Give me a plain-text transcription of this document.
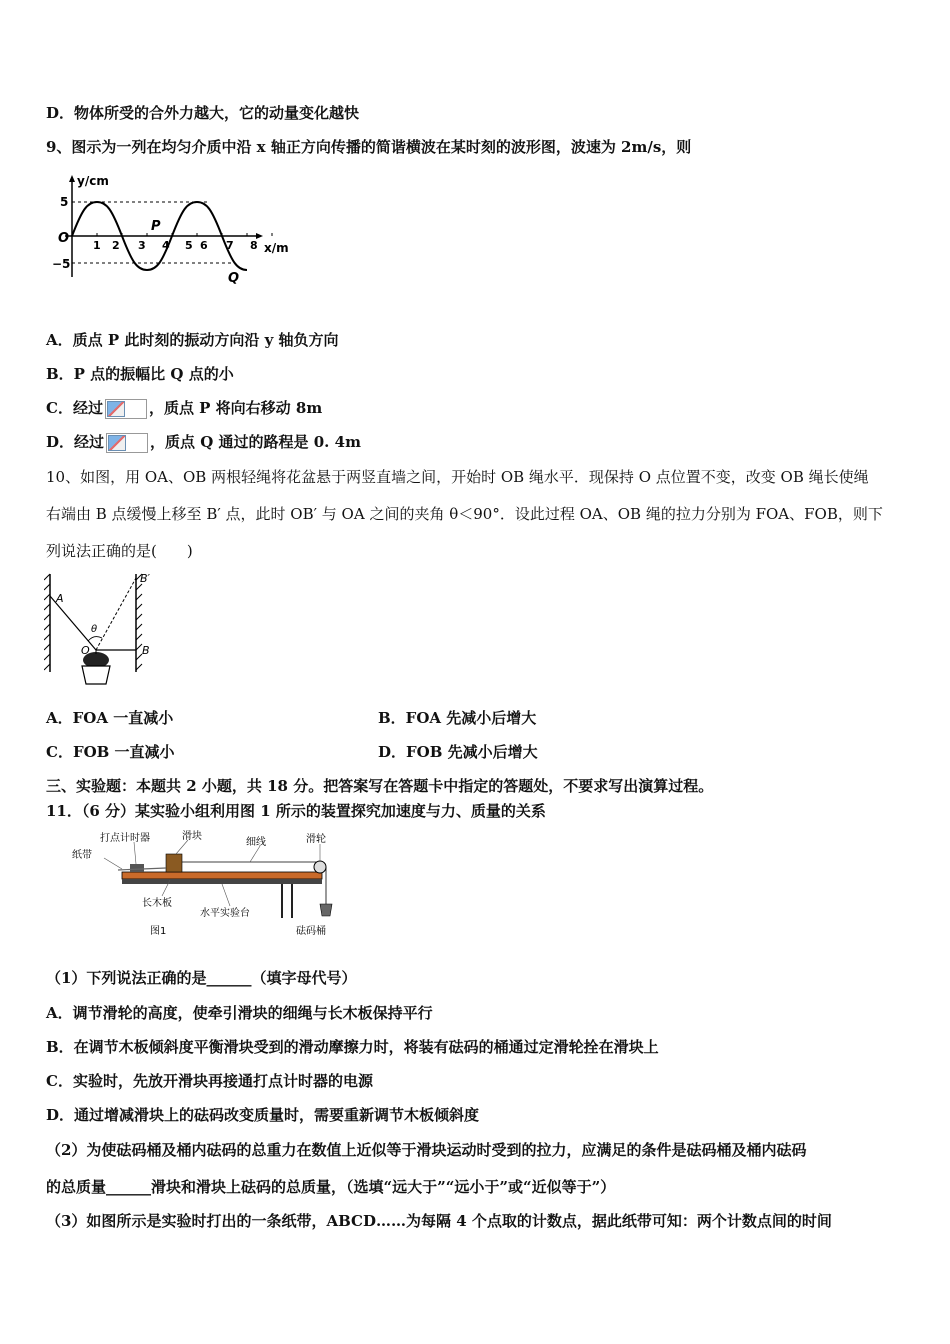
D．物体所受的合外力越大，它的动量变化越快
9、图示为一列在均匀介质中沿 x 轴正方向传播的简谐横波在某时刻的波形图，波速为 2m/s，则
y/cm
x/m
O
5
−5
1 2 3 4 5 6 7 8
P
Q
A．质点 P 此时刻的振动方向沿 y 轴负方向
B．P 点的振幅比 Q 点的小
C．经过	，质点 P 将向右移动 8m
D．经过	，质点 Q 通过的路程是 0. 4m
10、如图，用 OA、OB 两根轻绳将花盆悬于两竖直墙之间，开始时 OB 绳水平．现保持 O 点位置不变，改变 OB 绳长使绳
右端由 B 点缓慢上移至 B′ 点，此时 OB′ 与 OA 之间的夹角 θ＜90°．设此过程 OA、OB 绳的拉力分别为 FOA、FOB，则下
列说法正确的是(　　)
A
B
B′
O
θ
A．FOA 一直减小	B．FOA 先减小后增大
C．FOB 一直减小	D．FOB 先减小后增大
三、实验题：本题共 2 小题，共 18 分。把答案写在答题卡中指定的答题处，不要求写出演算过程。
11．（6 分）某实验小组利用图 1 所示的装置探究加速度与力、质量的关系
打点计时器	滑块
细线	滑轮
纸带
长木板
水平实验台
砝码桶
图1
（1）下列说法正确的是______（填字母代号）
A．调节滑轮的高度，使牵引滑块的细绳与长木板保持平行
B．在调节木板倾斜度平衡滑块受到的滑动摩擦力时，将装有砝码的桶通过定滑轮拴在滑块上
C．实验时，先放开滑块再接通打点计时器的电源
D．通过增减滑块上的砝码改变质量时，需要重新调节木板倾斜度
（2）为使砝码桶及桶内砝码的总重力在数值上近似等于滑块运动时受到的拉力，应满足的条件是砝码桶及桶内砝码
的总质量______滑块和滑块上砝码的总质量，（选填“远大于”“远小于”或“近似等于”）
（3）如图所示是实验时打出的一条纸带，ABCD……为每隔 4 个点取的计数点，据此纸带可知：两个计数点间的时间
